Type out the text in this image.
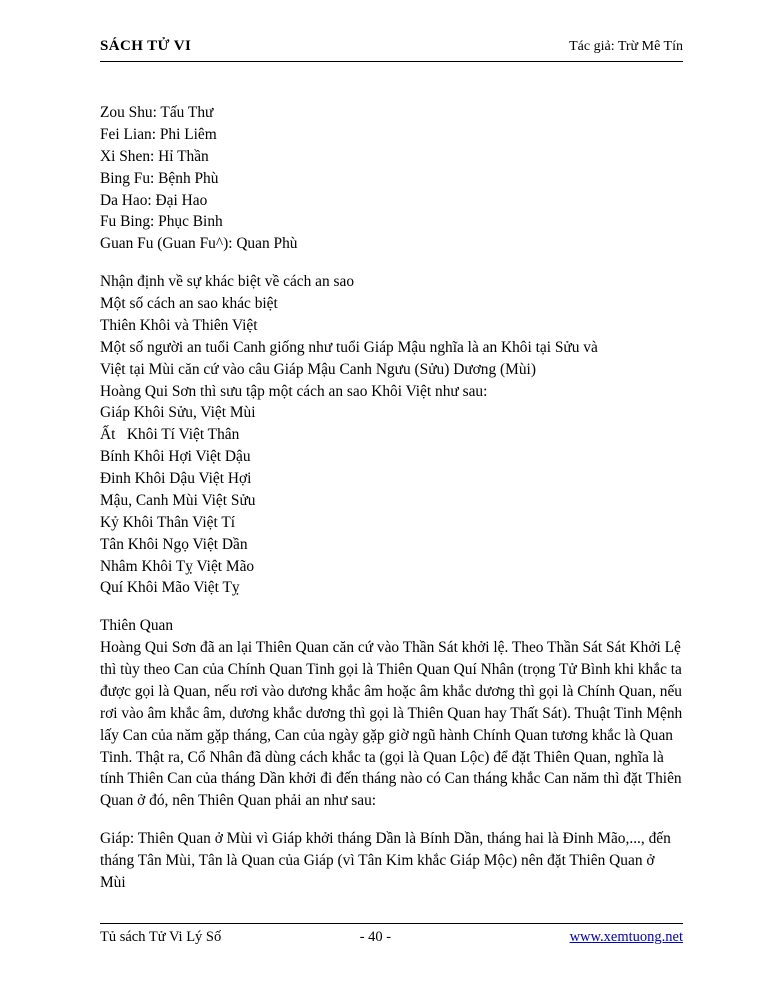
SÁCH TỬ VI	Tác giả: Trừ Mê Tín
Zou Shu: Tấu Thư
Fei Lian: Phi Liêm
Xi Shen: Hỉ Thần
Bing Fu: Bệnh Phù
Da Hao: Đại Hao
Fu Bing: Phục Binh
Guan Fu (Guan Fu^): Quan Phù
Nhận định về sự khác biệt về cách an sao
Một số cách an sao khác biệt
Thiên Khôi và Thiên Việt
Một số người an tuổi Canh giống như tuổi Giáp Mậu nghĩa là an Khôi tại Sửu và
Việt tại Mùi căn cứ vào câu Giáp Mậu Canh Ngưu (Sửu) Dương (Mùi)
Hoàng Qui Sơn thì sưu tập một cách an sao Khôi Việt như sau:
Giáp Khôi Sửu, Việt Mùi
Ất   Khôi Tí Việt Thân
Bính Khôi Hợi Việt Dậu
Đinh Khôi Dậu Việt Hợi
Mậu, Canh Mùi Việt Sửu
Kỷ Khôi Thân Việt Tí
Tân Khôi Ngọ Việt Dần
Nhâm Khôi Tỵ Việt Mão
Quí Khôi Mão Việt Tỵ
Thiên Quan
Hoàng Qui Sơn đã an lại Thiên Quan căn cứ vào Thần Sát khởi lệ. Theo Thần Sát Sát Khởi Lệ thì tùy theo Can của Chính Quan Tinh gọi là Thiên Quan Quí Nhân (trọng Tử Bình khi khắc ta được gọi là Quan, nếu rơi vào dương khắc âm hoặc âm khắc dương thì gọi là Chính Quan, nếu rơi vào âm khắc âm, dương khắc dương thì gọi là Thiên Quan hay Thất Sát). Thuật Tinh Mệnh lấy Can của năm gặp tháng, Can của ngày gặp giờ ngũ hành Chính Quan tương khắc là Quan Tinh. Thật ra, Cổ Nhân đã dùng cách khắc ta (gọi là Quan Lộc) để đặt Thiên Quan, nghĩa là tính Thiên Can của tháng Dần khởi đi đến tháng nào có Can tháng khắc Can năm thì đặt Thiên Quan ở đó, nên Thiên Quan phải an như sau:
Giáp: Thiên Quan ở Mùi vì Giáp khởi tháng Dần là Bính Dần, tháng hai là Đinh Mão,..., đến tháng Tân Mùi, Tân là Quan của Giáp (vì Tân Kim khắc Giáp Mộc) nên đặt Thiên Quan ở Mùi
Tủ sách Tử Vi Lý Số	- 40 -	www.xemtuong.net
